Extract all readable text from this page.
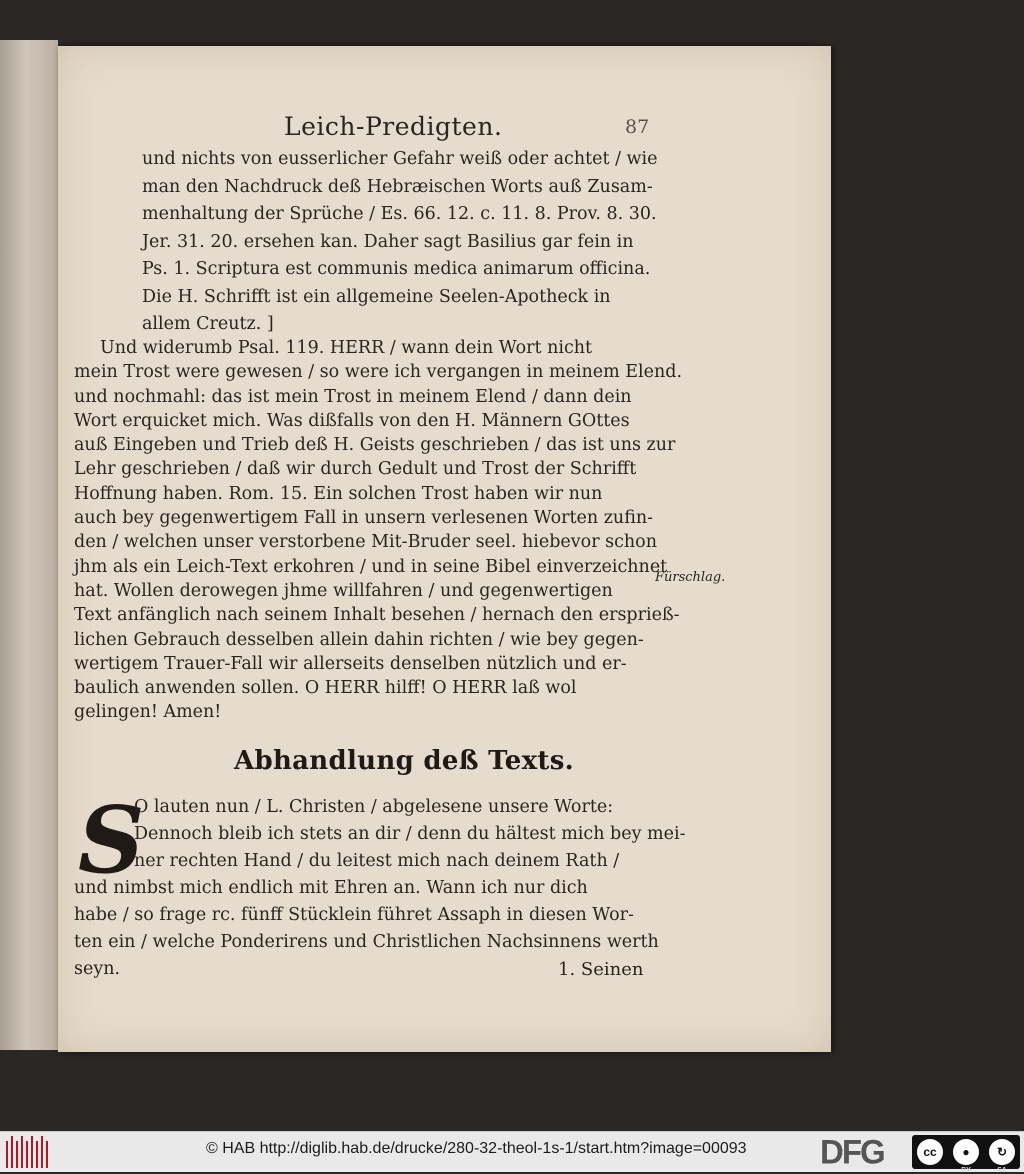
Leich-Predigten.	87
und nichts von eusserlicher Gefahr weiß oder achtet / wie
man den Nachdruck deß Hebræischen Worts auß Zusam-
menhaltung der Sprüche / Es. 66. 12. c. 11. 8. Prov. 8. 30.
Jer. 31. 20. ersehen kan. Daher sagt Basilius gar fein in
Ps. 1. Scriptura est communis medica animarum officina.
Die H. Schrifft ist ein allgemeine Seelen-Apotheck in
allem Creutz. ]
Und widerumb Psal. 119. HERR / wann dein Wort nicht
mein Trost were gewesen / so were ich vergangen in meinem Elend.
und nochmahl: das ist mein Trost in meinem Elend / dann dein
Wort erquicket mich. Was dißfalls von den H. Männern GOttes
auß Eingeben und Trieb deß H. Geists geschrieben / das ist uns zur
Lehr geschrieben / daß wir durch Gedult und Trost der Schrifft
Hoffnung haben. Rom. 15. Ein solchen Trost haben wir nun
auch bey gegenwertigem Fall in unsern verlesenen Worten zufin-
den / welchen unser verstorbene Mit-Bruder seel. hiebevor schon
jhm als ein Leich-Text erkohren / und in seine Bibel einverzeichnet
hat. Wollen derowegen jhme willfahren / und gegenwertigen
Text anfänglich nach seinem Inhalt besehen / hernach den ersprieß-
lichen Gebrauch desselben allein dahin richten / wie bey gegen-
wertigem Trauer-Fall wir allerseits denselben nützlich und er-
baulich anwenden sollen. O HERR hilff! O HERR laß wol
gelingen! Amen!
Fürschlag.
Abhandlung deß Texts.
S
O lauten nun / L. Christen / abgelesene unsere Worte:
Dennoch bleib ich stets an dir / denn du hältest mich bey mei-
ner rechten Hand / du leitest mich nach deinem Rath /
und nimbst mich endlich mit Ehren an. Wann ich nur dich
habe / so frage rc. fünff Stücklein führet Assaph in diesen Wor-
ten ein / welche Ponderirens und Christlichen Nachsinnens werth
seyn.	1. Seinen
© HAB http://diglib.hab.de/drucke/280-32-theol-1s-1/start.htm?image=00093 DFG	cc	●
BY
↻
SA
